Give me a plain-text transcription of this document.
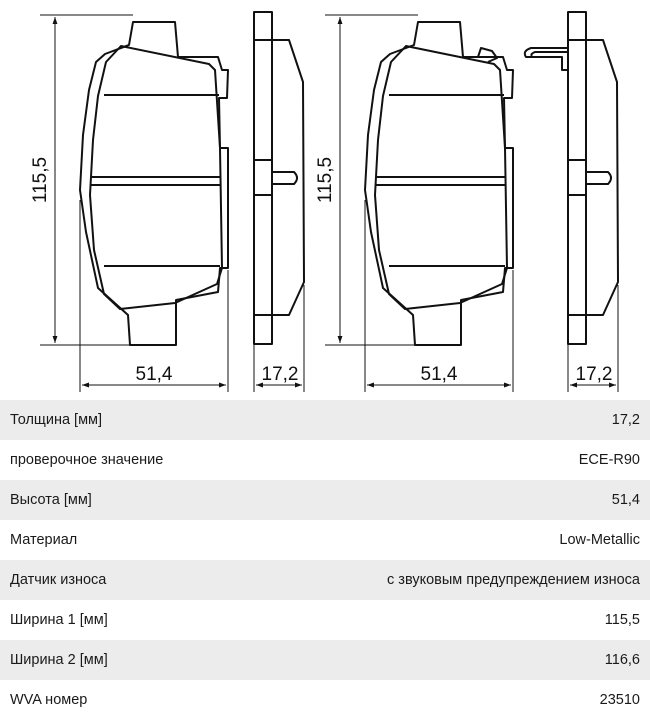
115,5
51,4	17,2
115,5
51,4	17,2
Толщина [мм]	17,2
проверочное значение	ECE-R90
Высота [мм]	51,4
Материал	Low-Metallic
Датчик износа	с звуковым предупреждением износа
Ширина 1 [мм]	115,5
Ширина 2 [мм]	116,6
WVA номер	23510
